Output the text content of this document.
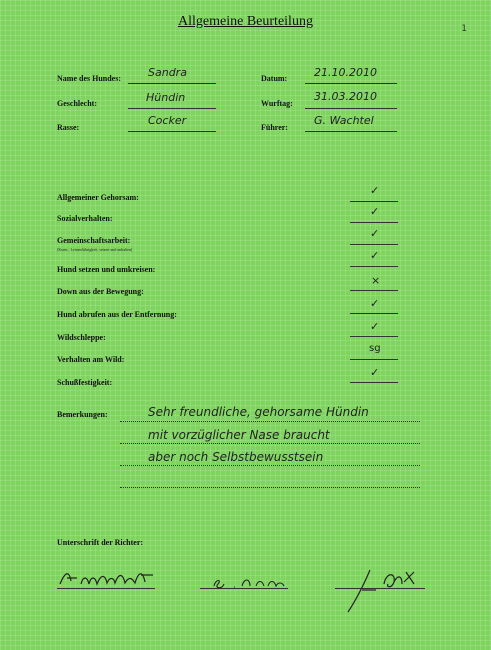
Allgemeine Beurteilung	1
Name des Hundes: Sandra
Geschlecht:	Hündin
Rasse:
Cocker
Datum: 21.10.2010
Wurftag:
31.03.2010
Führer:
G. Wachtel
Allgemeiner Gehorsam:
✓
Sozialverhalten:
✓
Gemeinschaftsarbeit:
(Kontr., Leinenführigkeit, setzen und anhalten)
✓
Hund setzen und umkreisen:
✓
Down aus der Bewegung:
×
Hund abrufen aus der Entfernung:
✓
Wildschleppe:
✓
Verhalten am Wild:
sg
Schußfestigkeit:
✓
Bemerkungen:	Sehr freundliche, gehorsame Hündin
mit vorzüglicher Nase braucht
aber noch Selbstbewusstsein
Unterschrift der Richter:
